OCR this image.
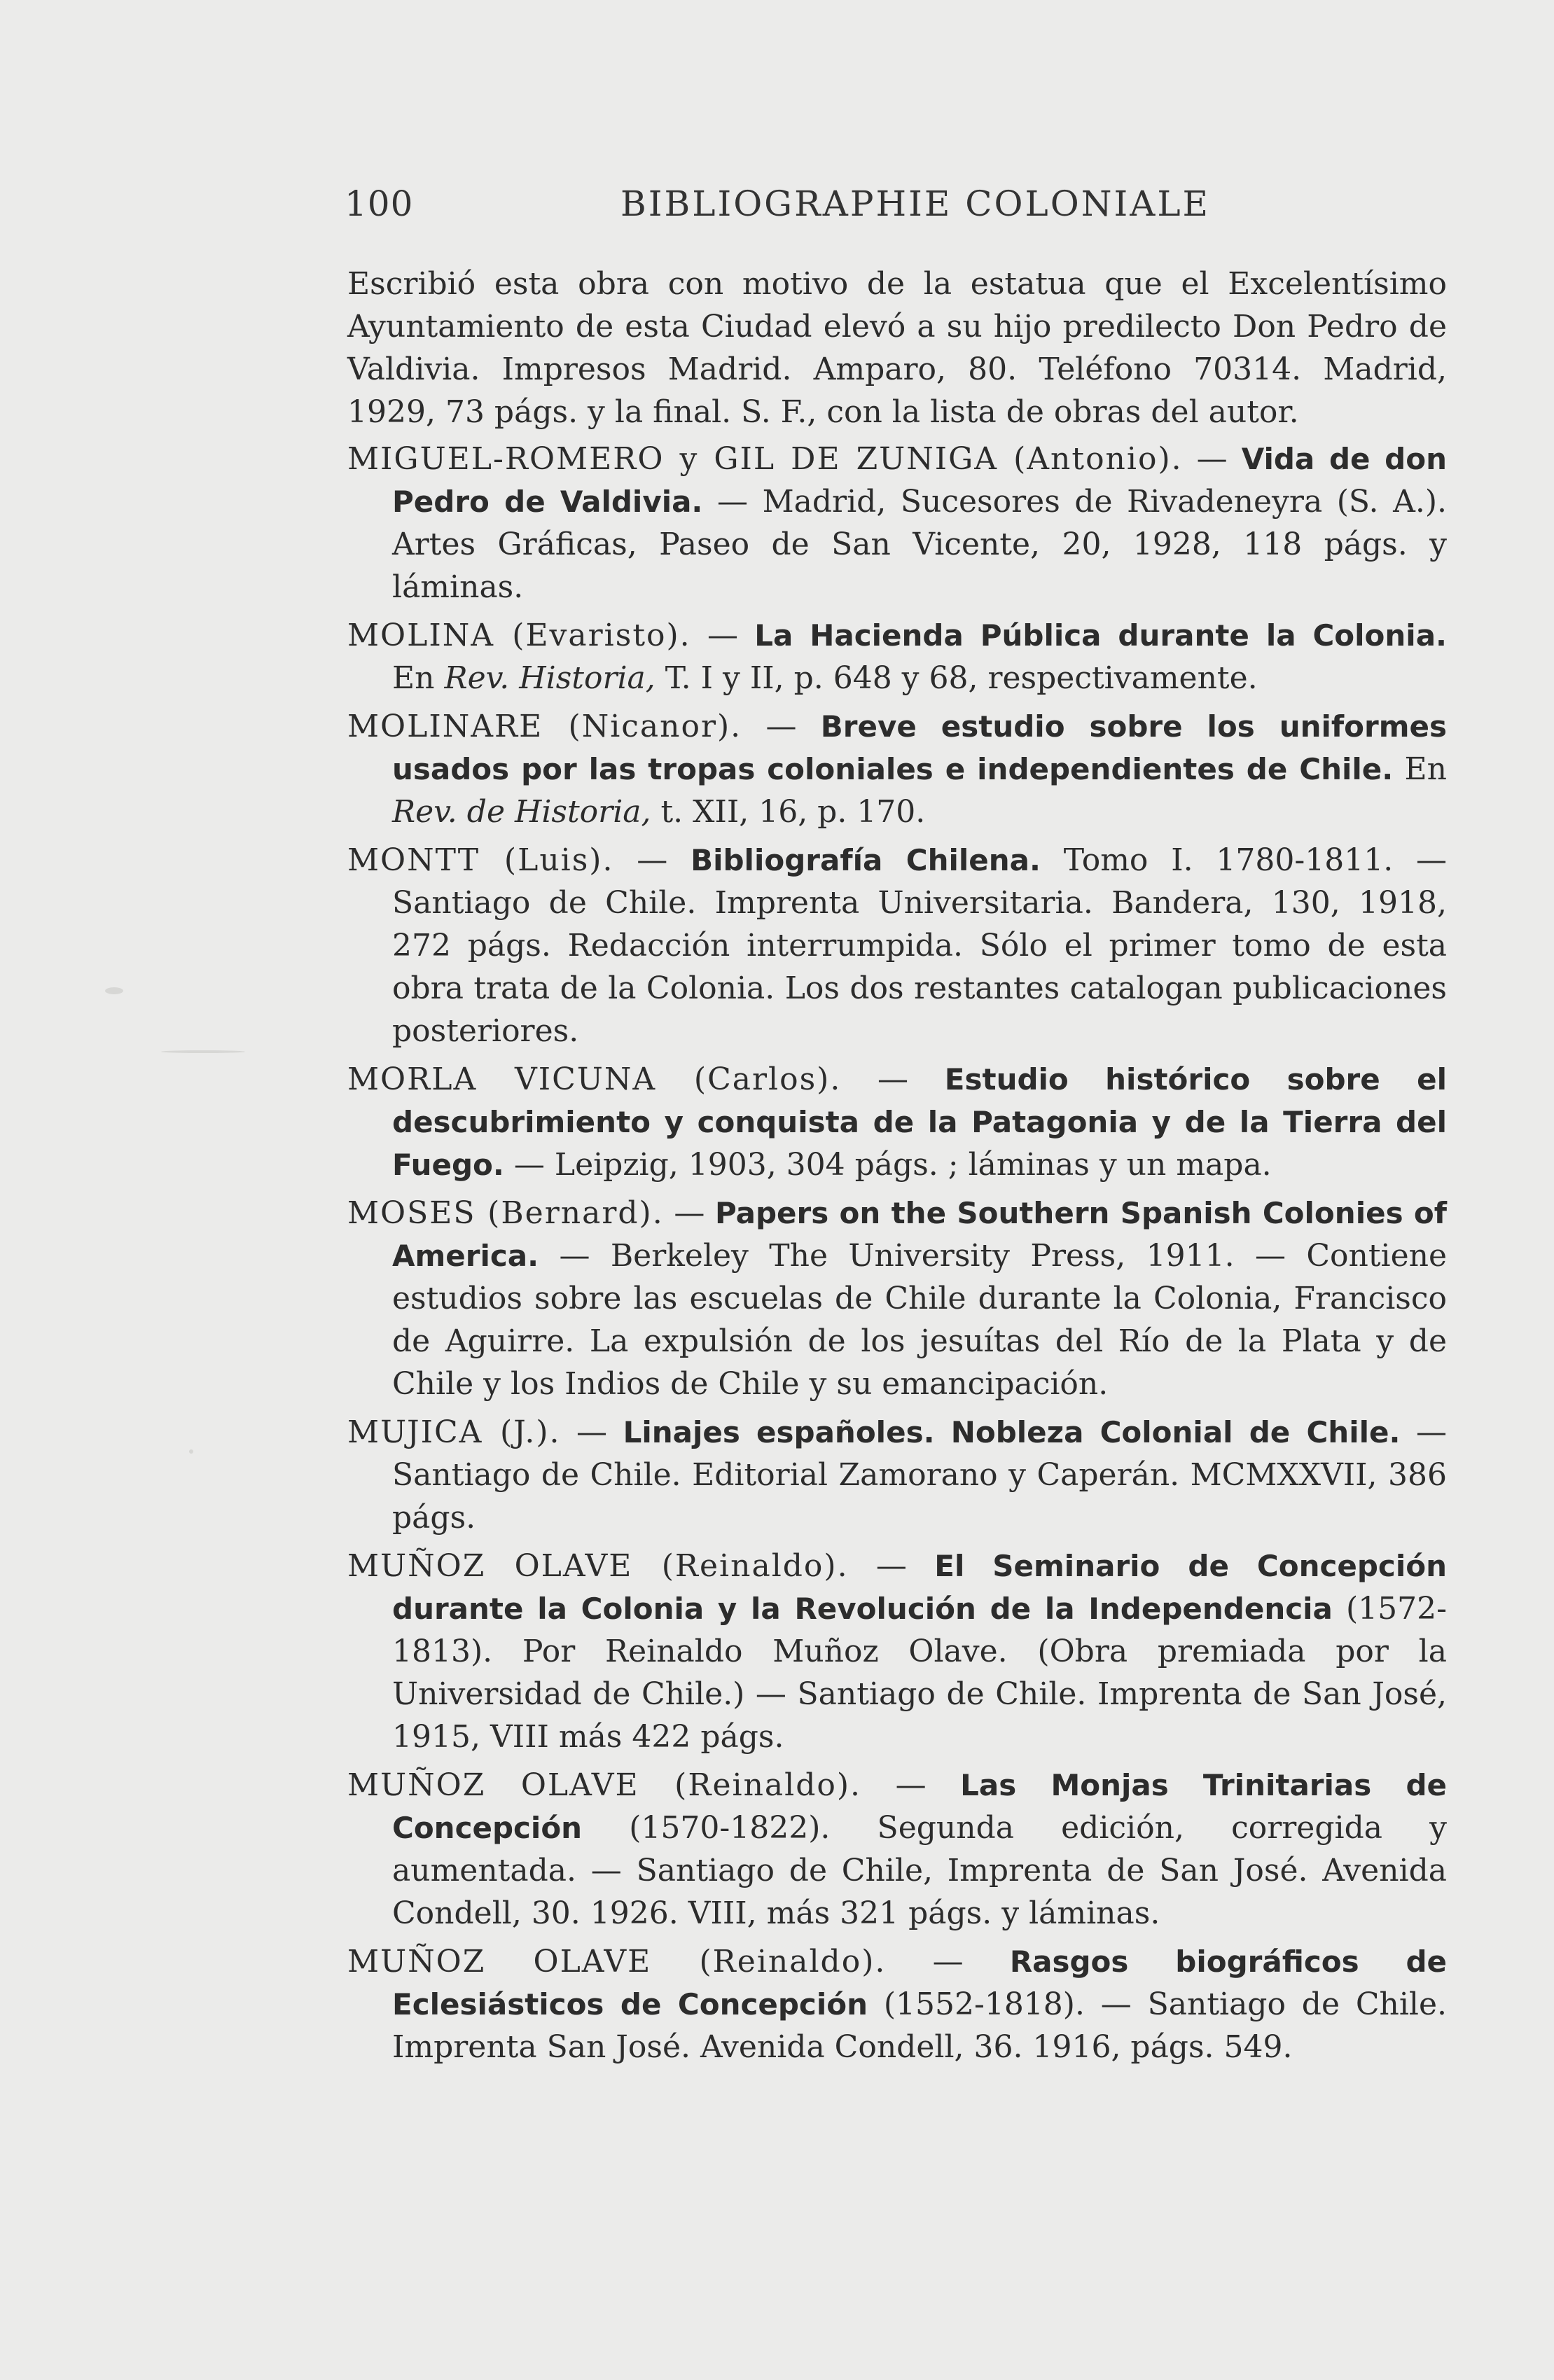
100	BIBLIOGRAPHIE COLONIALE

Escribió esta obra con motivo de la estatua que el Excelentísimo Ayuntamiento de esta Ciudad elevó a su hijo predilecto Don Pedro de Valdivia. Impresos Madrid. Amparo, 80. Teléfono 70314. Madrid, 1929, 73 págs. y la final. S. F., con la lista de obras del autor.

MIGUEL-ROMERO y GIL DE ZUNIGA (Antonio). — Vida de don Pedro de Valdivia. — Madrid, Sucesores de Rivadeneyra (S. A.). Artes Gráficas, Paseo de San Vicente, 20, 1928, 118 págs. y láminas.

MOLINA (Evaristo). — La Hacienda Pública durante la Colonia. En Rev. Historia, T. I y II, p. 648 y 68, respectivamente.

MOLINARE (Nicanor). — Breve estudio sobre los uniformes usados por las tropas coloniales e independientes de Chile. En Rev. de Historia, t. XII, 16, p. 170.

MONTT (Luis). — Bibliografía Chilena. Tomo I. 1780-1811. — Santiago de Chile. Imprenta Universitaria. Bandera, 130, 1918, 272 págs. Redacción interrumpida. Sólo el primer tomo de esta obra trata de la Colonia. Los dos restantes catalogan publicaciones posteriores.

MORLA VICUNA (Carlos). — Estudio histórico sobre el descubrimiento y conquista de la Patagonia y de la Tierra del Fuego. — Leipzig, 1903, 304 págs. ; láminas y un mapa.

MOSES (Bernard). — Papers on the Southern Spanish Colonies of America. — Berkeley The University Press, 1911. — Contiene estudios sobre las escuelas de Chile durante la Colonia, Francisco de Aguirre. La expulsión de los jesuítas del Río de la Plata y de Chile y los Indios de Chile y su emancipación.

MUJICA (J.). — Linajes españoles. Nobleza Colonial de Chile. — Santiago de Chile. Editorial Zamorano y Caperán. MCMXXVII, 386 págs.

MUÑOZ OLAVE (Reinaldo). — El Seminario de Concepción durante la Colonia y la Revolución de la Independencia (1572-1813). Por Reinaldo Muñoz Olave. (Obra premiada por la Universidad de Chile.) — Santiago de Chile. Imprenta de San José, 1915, VIII más 422 págs.

MUÑOZ OLAVE (Reinaldo). — Las Monjas Trinitarias de Concepción (1570-1822). Segunda edición, corregida y aumentada. — Santiago de Chile, Imprenta de San José. Avenida Condell, 30. 1926. VIII, más 321 págs. y láminas.

MUÑOZ OLAVE (Reinaldo). — Rasgos biográficos de Eclesiásticos de Concepción (1552-1818). — Santiago de Chile. Imprenta San José. Avenida Condell, 36. 1916, págs. 549.
